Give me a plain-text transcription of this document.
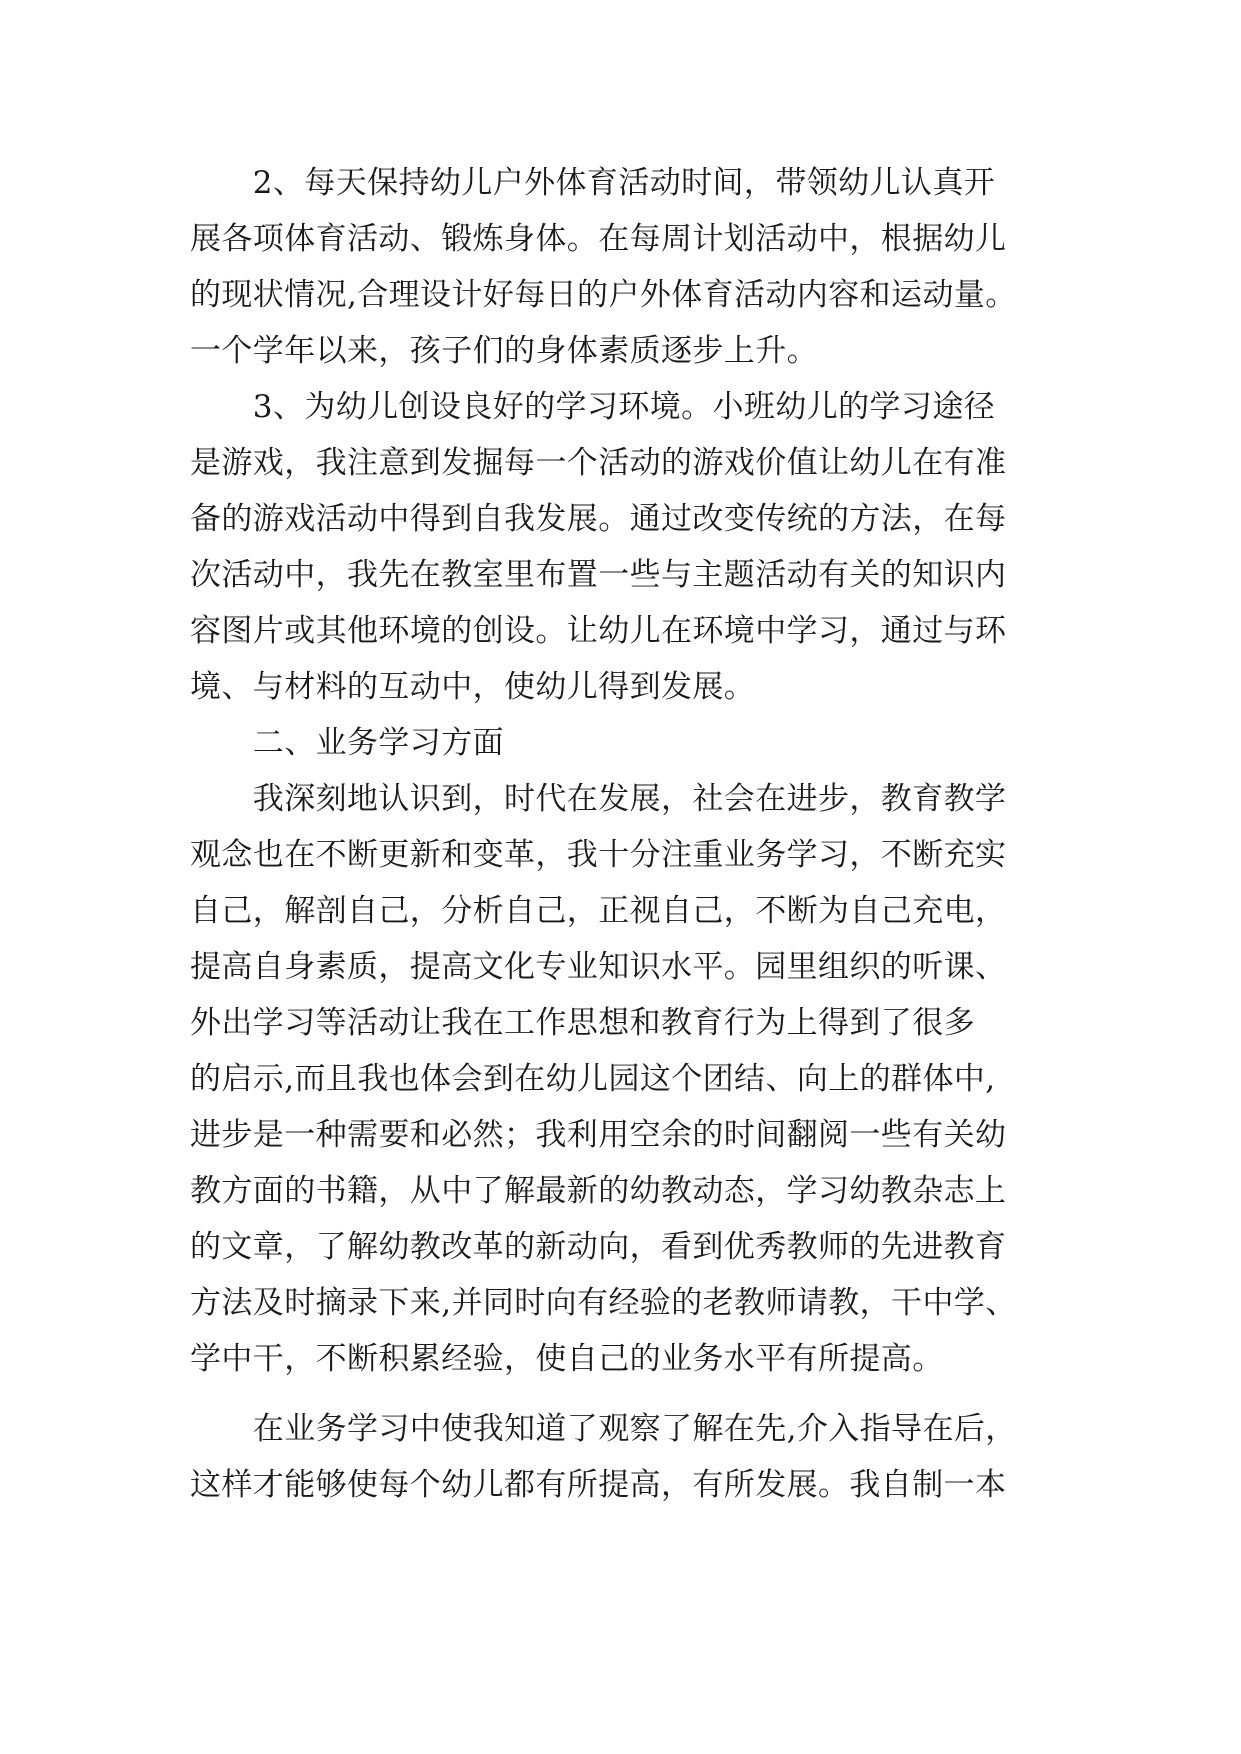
　　2、每天保持幼儿户外体育活动时间，带领幼儿认真开
展各项体育活动、锻炼身体。在每周计划活动中，根据幼儿
的现状情况,合理设计好每日的户外体育活动内容和运动量。
一个学年以来，孩子们的身体素质逐步上升。
　　3、为幼儿创设良好的学习环境。小班幼儿的学习途径
是游戏，我注意到发掘每一个活动的游戏价值让幼儿在有准
备的游戏活动中得到自我发展。通过改变传统的方法，在每
次活动中，我先在教室里布置一些与主题活动有关的知识内
容图片或其他环境的创设。让幼儿在环境中学习，通过与环
境、与材料的互动中，使幼儿得到发展。
　　二、业务学习方面
　　我深刻地认识到，时代在发展，社会在进步，教育教学
观念也在不断更新和变革，我十分注重业务学习，不断充实
自己，解剖自己，分析自己，正视自己，不断为自己充电，
提高自身素质，提高文化专业知识水平。园里组织的听课、
外出学习等活动让我在工作思想和教育行为上得到了很多
的启示,而且我也体会到在幼儿园这个团结、向上的群体中,
进步是一种需要和必然；我利用空余的时间翻阅一些有关幼
教方面的书籍，从中了解最新的幼教动态，学习幼教杂志上
的文章，了解幼教改革的新动向，看到优秀教师的先进教育
方法及时摘录下来,并同时向有经验的老教师请教，干中学、
学中干，不断积累经验，使自己的业务水平有所提高。
　　在业务学习中使我知道了观察了解在先,介入指导在后，
这样才能够使每个幼儿都有所提高，有所发展。我自制一本
